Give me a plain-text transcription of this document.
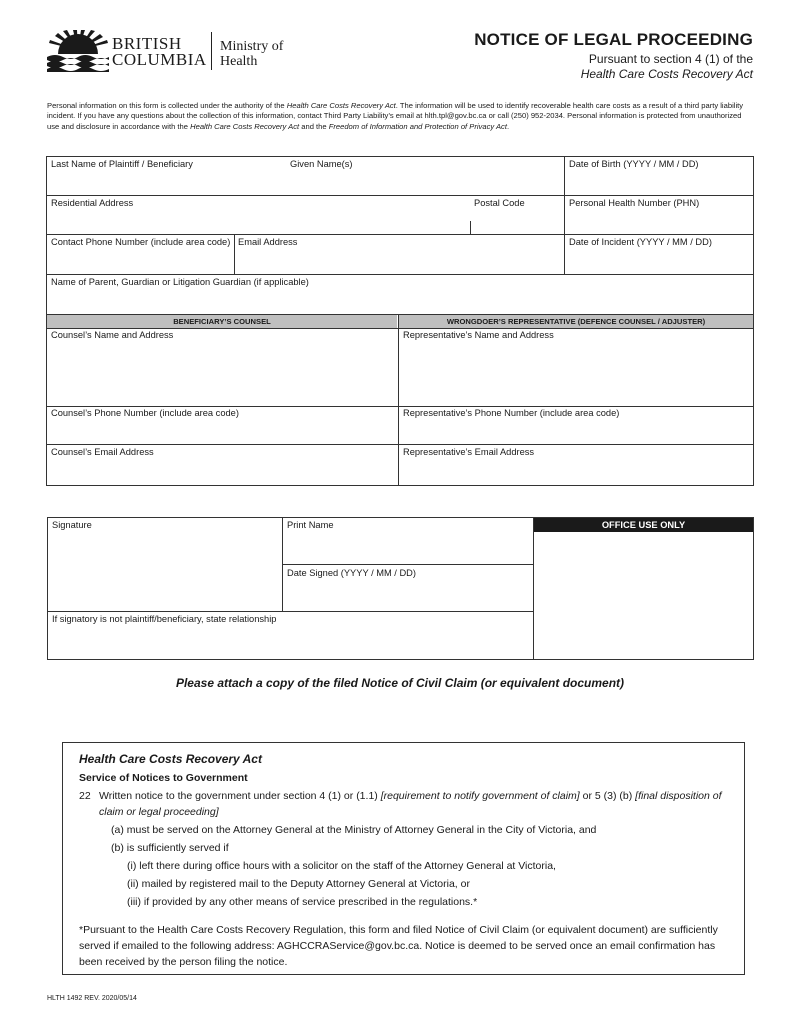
BRITISH
COLUMBIA
Ministry of
Health
NOTICE OF LEGAL PROCEEDING
Pursuant to section 4 (1) of the
Health Care Costs Recovery Act
Personal information on this form is collected under the authority of the Health Care Costs Recovery Act. The information will be used to identify recoverable health care costs as a result of a third party liability incident. If you have any questions about the collection of this information, contact Third Party Liability’s email at hlth.tpl@gov.bc.ca or call (250) 952-2034. Personal information is protected from unauthorized use and disclosure in accordance with the Health Care Costs Recovery Act and the Freedom of Information and Protection of Privacy Act.
Last Name of Plaintiff / Beneficiary	Given Name(s)	Date of Birth (YYYY / MM / DD)
Residential Address	Postal Code	Personal Health Number (PHN)
Contact Phone Number (include area code) Email Address	Date of Incident (YYYY / MM / DD)
Name of Parent, Guardian or Litigation Guardian (if applicable)
BENEFICIARY’S COUNSEL	WRONGDOER’S REPRESENTATIVE (DEFENCE COUNSEL / ADJUSTER)
Counsel’s Name and Address	Representative’s Name and Address
Counsel’s Phone Number (include area code)	Representative’s Phone Number (include area code)
Counsel’s Email Address	Representative’s Email Address
OFFICE USE ONLY
Signature	Print Name
Date Signed (YYYY / MM / DD)
If signatory is not plaintiff/beneficiary, state relationship
Please attach a copy of the filed Notice of Civil Claim (or equivalent document)
Health Care Costs Recovery Act
Service of Notices to Government
22 Written notice to the government under section 4 (1) or (1.1) [requirement to notify government of claim] or 5 (3) (b) [final disposition of claim or legal proceeding]
(a) must be served on the Attorney General at the Ministry of Attorney General in the City of Victoria, and
(b) is sufficiently served if
(i) left there during office hours with a solicitor on the staff of the Attorney General at Victoria,
(ii) mailed by registered mail to the Deputy Attorney General at Victoria, or
(iii) if provided by any other means of service prescribed in the regulations.*
*Pursuant to the Health Care Costs Recovery Regulation, this form and filed Notice of Civil Claim (or equivalent document) are sufficiently served if emailed to the following address: AGHCCRAService@gov.bc.ca. Notice is deemed to be served once an email confirmation has been received by the person filing the notice.
HLTH 1492 REV. 2020/05/14
